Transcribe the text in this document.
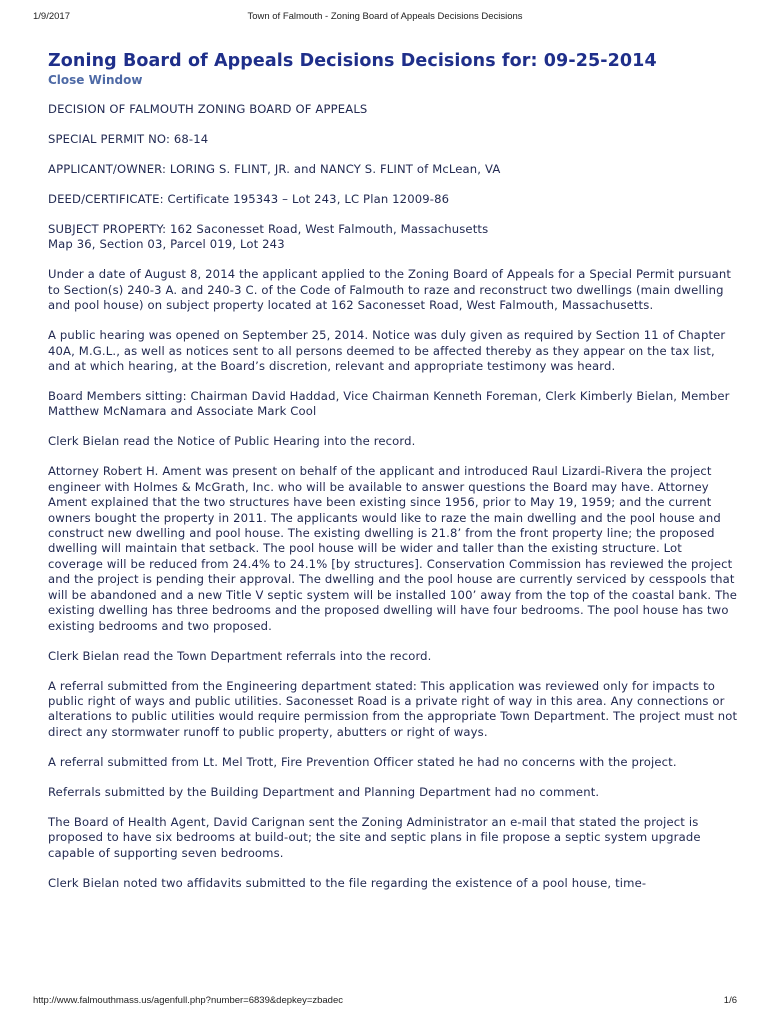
1/9/2017	Town of Falmouth - Zoning Board of Appeals Decisions Decisions
Zoning Board of Appeals Decisions Decisions for: 09-25-2014
Close Window

DECISION OF FALMOUTH ZONING BOARD OF APPEALS

SPECIAL PERMIT NO: 68-14

APPLICANT/OWNER: LORING S. FLINT, JR. and NANCY S. FLINT of McLean, VA

DEED/CERTIFICATE: Certificate 195343 – Lot 243, LC Plan 12009-86

SUBJECT PROPERTY: 162 Saconesset Road, West Falmouth, Massachusetts

Map 36, Section 03, Parcel 019, Lot 243

Under a date of August 8, 2014 the applicant applied to the Zoning Board of Appeals for a Special Permit pursuant to Section(s) 240-3 A. and 240-3 C. of the Code of Falmouth to raze and reconstruct two dwellings (main dwelling and pool house) on subject property located at 162 Saconesset Road, West Falmouth, Massachusetts.

A public hearing was opened on September 25, 2014. Notice was duly given as required by Section 11 of Chapter 40A, M.G.L., as well as notices sent to all persons deemed to be affected thereby as they appear on the tax list, and at which hearing, at the Board’s discretion, relevant and appropriate testimony was heard.

Board Members sitting: Chairman David Haddad, Vice Chairman Kenneth Foreman, Clerk Kimberly Bielan, Member Matthew McNamara and Associate Mark Cool

Clerk Bielan read the Notice of Public Hearing into the record.

Attorney Robert H. Ament was present on behalf of the applicant and introduced Raul Lizardi-Rivera the project engineer with Holmes & McGrath, Inc. who will be available to answer questions the Board may have. Attorney Ament explained that the two structures have been existing since 1956, prior to May 19, 1959; and the current owners bought the property in 2011. The applicants would like to raze the main dwelling and the pool house and construct new dwelling and pool house. The existing dwelling is 21.8’ from the front property line; the proposed dwelling will maintain that setback. The pool house will be wider and taller than the existing structure. Lot coverage will be reduced from 24.4% to 24.1% [by structures]. Conservation Commission has reviewed the project and the project is pending their approval. The dwelling and the pool house are currently serviced by cesspools that will be abandoned and a new Title V septic system will be installed 100’ away from the top of the coastal bank. The existing dwelling has three bedrooms and the proposed dwelling will have four bedrooms. The pool house has two existing bedrooms and two proposed.

Clerk Bielan read the Town Department referrals into the record.

A referral submitted from the Engineering department stated: This application was reviewed only for impacts to public right of ways and public utilities. Saconesset Road is a private right of way in this area. Any connections or alterations to public utilities would require permission from the appropriate Town Department. The project must not direct any stormwater runoff to public property, abutters or right of ways.

A referral submitted from Lt. Mel Trott, Fire Prevention Officer stated he had no concerns with the project.

Referrals submitted by the Building Department and Planning Department had no comment.

The Board of Health Agent, David Carignan sent the Zoning Administrator an e-mail that stated the project is proposed to have six bedrooms at build-out; the site and septic plans in file propose a septic system upgrade capable of supporting seven bedrooms.

Clerk Bielan noted two affidavits submitted to the file regarding the existence of a pool house, time-

http://www.falmouthmass.us/agenfull.php?number=6839&depkey=zbadec	1/6
